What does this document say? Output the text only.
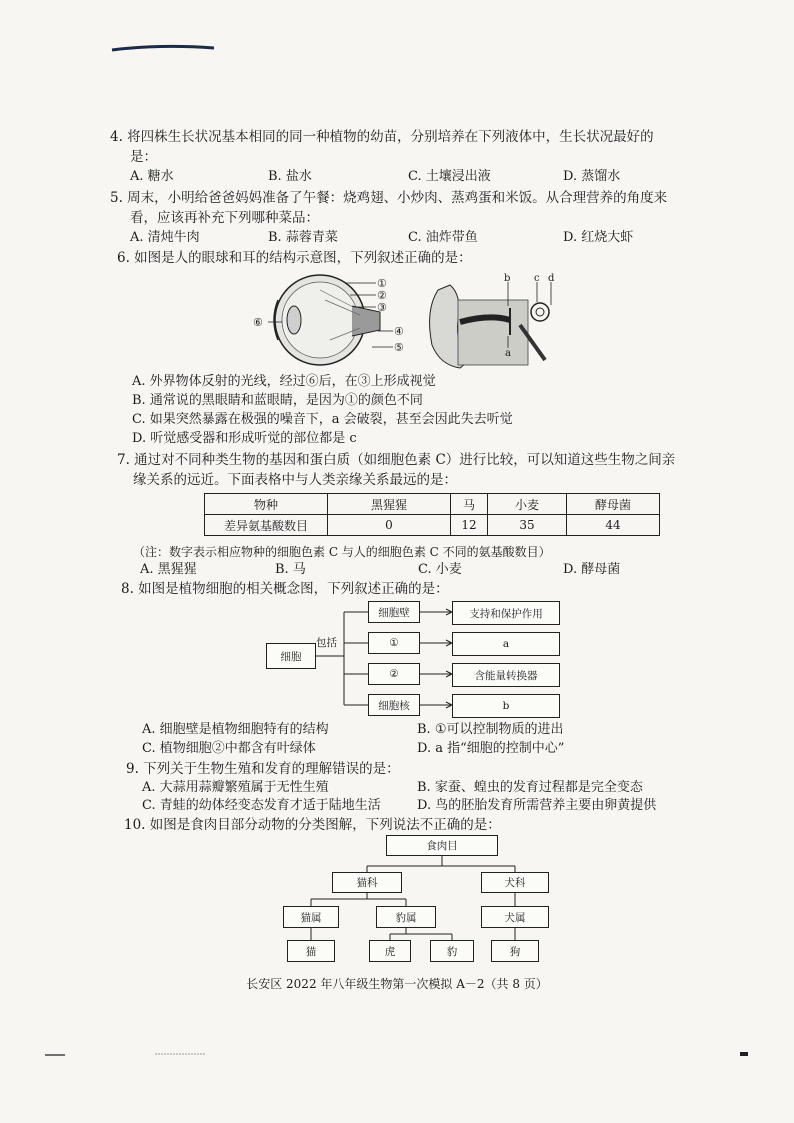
4. 将四株生长状况基本相同的同一种植物的幼苗，分别培养在下列液体中，生长状况最好的
是：
A. 糖水	B. 盐水	C. 土壤浸出液	D. 蒸馏水
5. 周末，小明给爸爸妈妈准备了午餐：烧鸡翅、小炒肉、蒸鸡蛋和米饭。从合理营养的角度来
看，应该再补充下列哪种菜品：
A. 清炖牛肉	B. 蒜蓉青菜	C. 油炸带鱼	D. 红烧大虾
6. 如图是人的眼球和耳的结构示意图，下列叙述正确的是：
①
②
③
④
⑤
⑥
b c d
a
A. 外界物体反射的光线，经过⑥后，在③上形成视觉
B. 通常说的黑眼睛和蓝眼睛，是因为①的颜色不同
C. 如果突然暴露在极强的噪音下，a 会破裂，甚至会因此失去听觉
D. 听觉感受器和形成听觉的部位都是 c
7. 通过对不同种类生物的基因和蛋白质（如细胞色素 C）进行比较，可以知道这些生物之间亲
缘关系的远近。下面表格中与人类亲缘关系最远的是：
物种	黑猩猩	马	小麦	酵母菌
差异氨基酸数目	0	12	35	44
（注：数字表示相应物种的细胞色素 C 与人的细胞色素 C 不同的氨基酸数目）
A. 黑猩猩	B. 马	C. 小麦	D. 酵母菌
8. 如图是植物细胞的相关概念图，下列叙述正确的是：
细胞
包括
细胞壁
①
②
细胞核
支持和保护作用
a
含能量转换器
b
A. 细胞壁是植物细胞特有的结构	B. ①可以控制物质的进出
C. 植物细胞②中都含有叶绿体	D. a 指“细胞的控制中心”
9. 下列关于生物生殖和发育的理解错误的是：
A. 大蒜用蒜瓣繁殖属于无性生殖	B. 家蚕、蝗虫的发育过程都是完全变态
C. 青蛙的幼体经变态发育才适于陆地生活	D. 鸟的胚胎发育所需营养主要由卵黄提供
10. 如图是食肉目部分动物的分类图解，下列说法不正确的是：
食肉目
猫科	犬科
猫属	豹属	犬属
猫	虎	豹	狗
长安区 2022 年八年级生物第一次模拟 A－2（共 8 页）
